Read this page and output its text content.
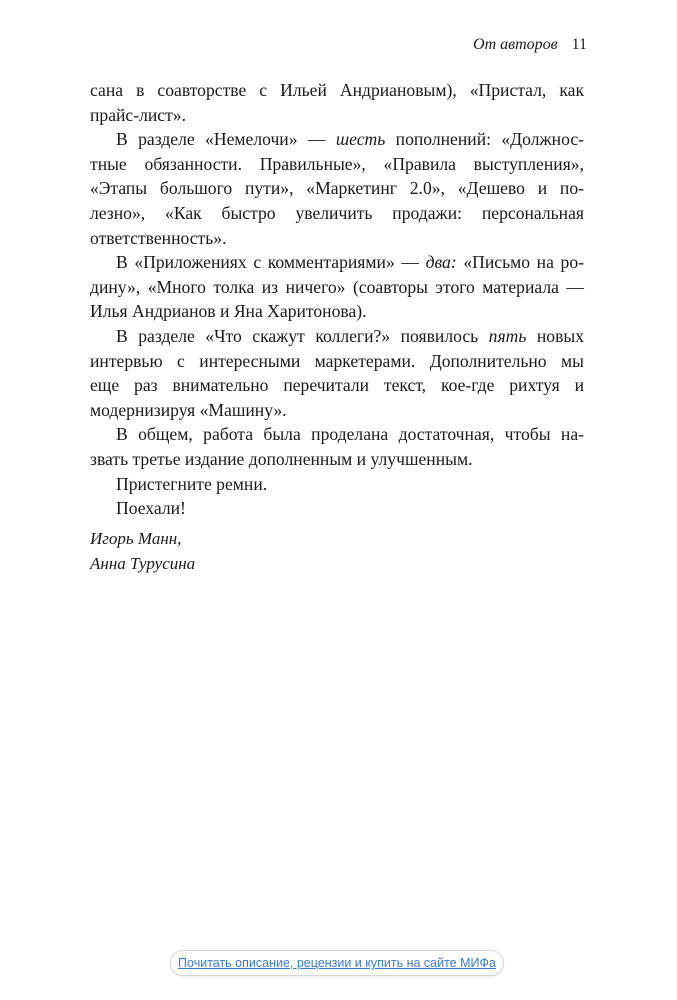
От авторов 11
сана в соавторстве с Ильей Андриановым), «Пристал, как
прайс-лист».
В разделе «Немелочи» — шесть пополнений: «Должнос-
тные обязанности. Правильные», «Правила выступления»,
«Этапы большого пути», «Маркетинг 2.0», «Дешево и по-
лезно», «Как быстро увеличить продажи: персональная
ответственность».
В «Приложениях с комментариями» — два: «Письмо на ро-
дину», «Много толка из ничего» (соавторы этого материала —
Илья Андрианов и Яна Харитонова).
В разделе «Что скажут коллеги?» появилось пять новых
интервью с интересными маркетерами. Дополнительно мы
еще раз внимательно перечитали текст, кое-где рихтуя и
модернизируя «Машину».
В общем, работа была проделана достаточная, чтобы на-
звать третье издание дополненным и улучшенным.
Пристегните ремни.
Поехали!
Игорь Манн,
Анна Турусина
Почитать описание, рецензии и купить на сайте МИФа
